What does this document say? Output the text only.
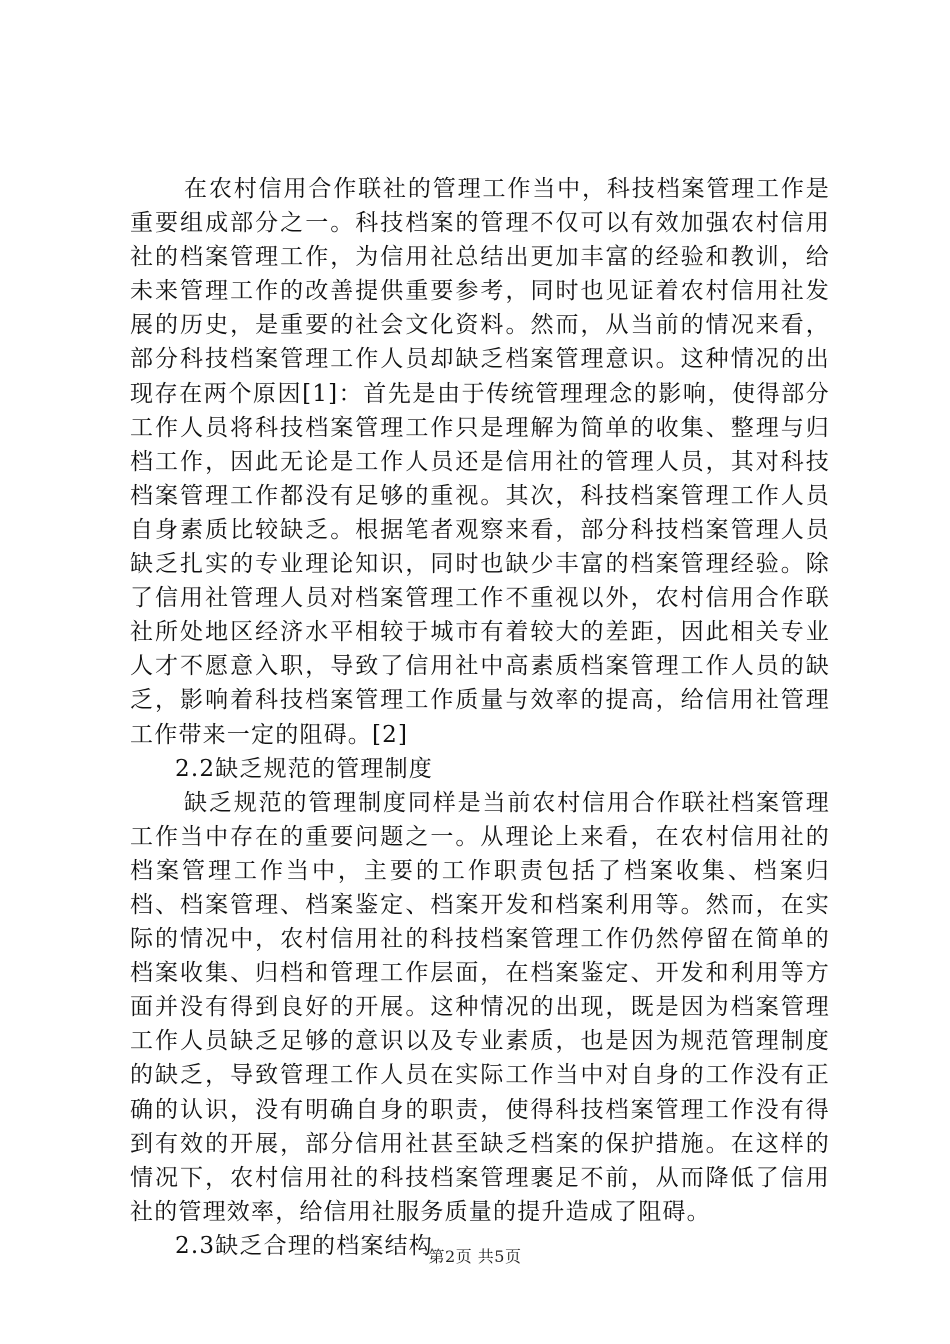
在农村信用合作联社的管理工作当中，科技档案管理工作是重要组成部分之一。科技档案的管理不仅可以有效加强农村信用社的档案管理工作，为信用社总结出更加丰富的经验和教训，给未来管理工作的改善提供重要参考，同时也见证着农村信用社发展的历史，是重要的社会文化资料。然而，从当前的情况来看，部分科技档案管理工作人员却缺乏档案管理意识。这种情况的出现存在两个原因[1]：首先是由于传统管理理念的影响，使得部分工作人员将科技档案管理工作只是理解为简单的收集、整理与归档工作，因此无论是工作人员还是信用社的管理人员，其对科技档案管理工作都没有足够的重视。其次，科技档案管理工作人员自身素质比较缺乏。根据笔者观察来看，部分科技档案管理人员缺乏扎实的专业理论知识，同时也缺少丰富的档案管理经验。除了信用社管理人员对档案管理工作不重视以外，农村信用合作联社所处地区经济水平相较于城市有着较大的差距，因此相关专业人才不愿意入职，导致了信用社中高素质档案管理工作人员的缺乏，影响着科技档案管理工作质量与效率的提高，给信用社管理工作带来一定的阻碍。[2]

2.2缺乏规范的管理制度

缺乏规范的管理制度同样是当前农村信用合作联社档案管理工作当中存在的重要问题之一。从理论上来看，在农村信用社的档案管理工作当中，主要的工作职责包括了档案收集、档案归档、档案管理、档案鉴定、档案开发和档案利用等。然而，在实际的情况中，农村信用社的科技档案管理工作仍然停留在简单的档案收集、归档和管理工作层面，在档案鉴定、开发和利用等方面并没有得到良好的开展。这种情况的出现，既是因为档案管理工作人员缺乏足够的意识以及专业素质，也是因为规范管理制度的缺乏，导致管理工作人员在实际工作当中对自身的工作没有正确的认识，没有明确自身的职责，使得科技档案管理工作没有得到有效的开展，部分信用社甚至缺乏档案的保护措施。在这样的情况下，农村信用社的科技档案管理裹足不前，从而降低了信用社的管理效率，给信用社服务质量的提升造成了阻碍。

2.3缺乏合理的档案结构

第2页 共5页
